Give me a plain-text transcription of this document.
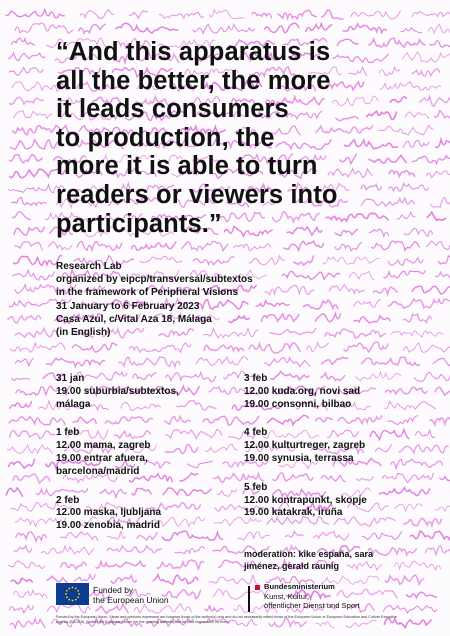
“And this apparatus is
all the better, the more
it leads consumers
to production, the
more it is able to turn
readers or viewers into
participants.”
Research Lab
organized by eipcp/transversal/subtextos
in the framework of Peripheral Visions
31 January to 6 February 2023
Casa Azul, c/Vital Aza 18, Málaga
(in English)
31 jan
19.00 suburbia/subtextos,
málaga
1 feb
12.00 mama, zagreb
19.00 entrar afuera,
barcelona/madrid
2 feb
12.00 maska, ljubljana
19.00 zenobia, madrid
3 feb
12.00 kuda.org, novi sad
19.00 consonni, bilbao
4 feb
12.00 kulturtreger, zagreb
19.00 synusia, terrassa
5 feb
12.00 kontrapunkt, skopje
19.00 katakrak, iruña
moderation: kike españa, sara
jiménez, gerald raunig
Funded by
the European Union
Bundesministerium
Kunst, Kultur,
öffentlicher Dienst und Sport
Funded by the European Union. Views and opinions expressed are however those of the author(s) only and do not necessarily reflect those of the European Union or European Education and Culture Executive Agency (EACEA). Neither the European Union nor the granting authority can be held responsible for them.
